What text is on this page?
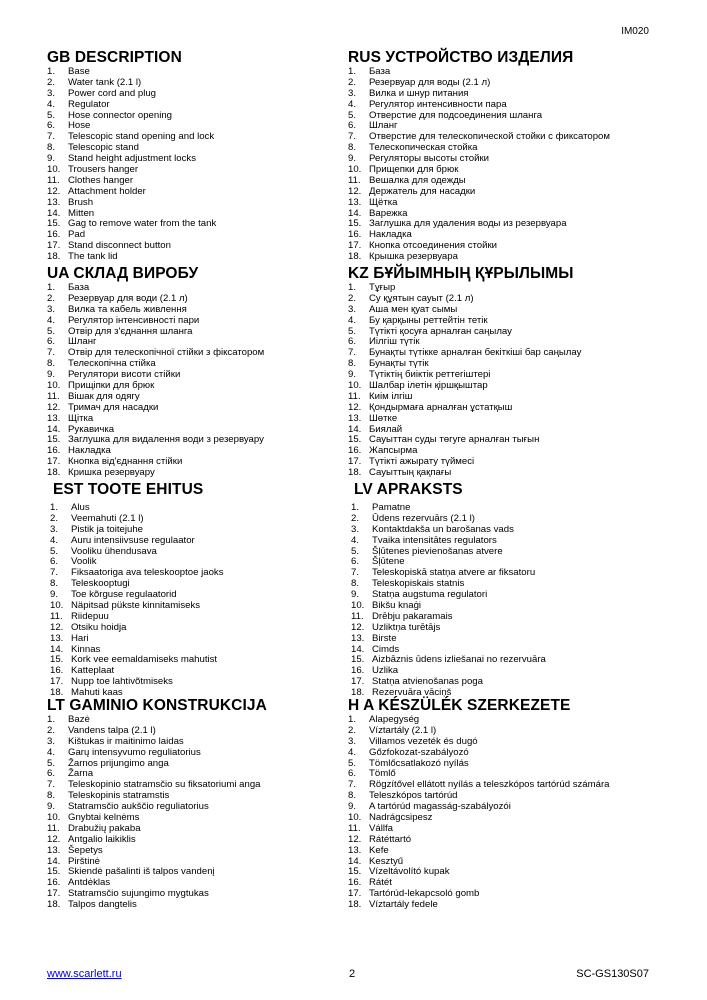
IM020
GB DESCRIPTION
1. Base
2. Water tank (2.1 l)
3. Power cord and plug
4. Regulator
5. Hose connector opening
6. Hose
7. Telescopic stand opening and lock
8. Telescopic stand
9. Stand height adjustment locks
10. Trousers hanger
11. Clothes hanger
12. Attachment holder
13. Brush
14. Mitten
15. Gag to remove water from the tank
16. Pad
17. Stand disconnect button
18. The tank lid
RUS УСТРОЙСТВО ИЗДЕЛИЯ
1. База
2. Резервуар для воды (2.1 л)
3. Вилка и шнур питания
4. Регулятор интенсивности пара
5. Отверстие для подсоединения шланга
6. Шланг
7. Отверстие для телескопической стойки с фиксатором
8. Телескопическая стойка
9. Регуляторы высоты стойки
10. Прищепки для брюк
11. Вешалка для одежды
12. Держатель для насадки
13. Щётка
14. Варежка
15. Заглушка для удаления воды из резервуара
16. Накладка
17. Кнопка отсоединения стойки
18. Крышка резервуара
UA СКЛАД ВИРОБУ
1. База
2. Резервуар для води (2.1 л)
3. Вилка та кабель живлення
4. Регулятор інтенсивності пари
5. Отвір для з'єднання шланга
6. Шланг
7. Отвір для телескопічної стійки з фіксатором
8. Телескопічна стійка
9. Регулятори висоти стійки
10. Прищіпки для брюк
11. Вішак для одягу
12. Тримач для насадки
13. Щітка
14. Рукавичка
15. Заглушка для видалення води з резервуару
16. Накладка
17. Кнопка від'єднання стійки
18. Кришка резервуару
KZ БҰЙЫМНЫҢ ҚҰРЫЛЫМЫ
1. Тұғыр
2. Су құятын сауыт (2.1 л)
3. Аша мен қуат сымы
4. Бу қарқыны реттейтін тетік
5. Түтікті қосуға арналған саңылау
6. Иілгіш түтік
7. Бунақты түтікке арналған бекіткіші бар саңылау
8. Бунақты түтік
9. Түтіктің биіктік реттегіштері
10. Шалбар ілетін қіршқыштар
11. Киім ілгіш
12. Қондырмаға арналған ұстатқыш
13. Шөтке
14. Биялай
15. Сауыттан суды төгуге арналған тығын
16. Жапсырма
17. Түтікті ажырату түймесі
18. Сауыттың қақпағы
EST TOOTE EHITUS
1. Alus
2. Veemahuti (2.1 l)
3. Pistik ja toitejuhe
4. Auru intensiivsuse regulaator
5. Vooliku ühendusava
6. Voolik
7. Fiksaatoriga ava teleskooptoe jaoks
8. Teleskooptugi
9. Toe kõrguse regulaatorid
10. Näpitsad pükste kinnitamiseks
11. Riidepuu
12. Otsiku hoidja
13. Hari
14. Kinnas
15. Kork vee eemaldamiseks mahutist
16. Katteplaat
17. Nupp toe lahtivõtmiseks
18. Mahuti kaas
LV APRAKSTS
1. Pamatne
2. Ūdens rezervuārs (2.1 l)
3. Kontaktdakša un barošanas vads
4. Tvaika intensitātes regulators
5. Šļūtenes pievienošanas atvere
6. Šļūtene
7. Teleskopiskā statņa atvere ar fiksatoru
8. Teleskopiskais statnis
9. Statņa augstuma regulatori
10. Bikšu knaģi
11. Drēbju pakaramais
12. Uzliktņa turētājs
13. Birste
14. Cimds
15. Aizbāznis ūdens izliešanai no rezervuāra
16. Uzlika
17. Statņa atvienošanas poga
18. Rezervuāra vāciņš
LT GAMINIO KONSTRUKCIJA
1. Bazė
2. Vandens talpa (2.1 l)
3. Kištukas ir maitinimo laidas
4. Garų intensyvumo reguliatorius
5. Žarnos prijungimo anga
6. Žarna
7. Teleskopinio statramsčio su fiksatoriumi anga
8. Teleskopinis statramstis
9. Statramsčio aukščio reguliatorius
10. Gnybtai kelnėms
11. Drabužių pakaba
12. Antgalio laikiklis
13. Šepetys
14. Pirštinė
15. Skiendė pašalinti iš talpos vandenį
16. Antdėklas
17. Statramsčio sujungimo mygtukas
18. Talpos dangtelis
H A KÉSZÜLÉK SZERKEZETE
1. Alapegység
2. Víztartály (2.1 l)
3. Villamos vezeték és dugó
4. Gőzfokozat-szabályozó
5. Tömlőcsatlakozó nyílás
6. Tömlő
7. Rögzítővel ellátott nyílás a teleszkópos tartórúd számára
8. Teleszkópos tartórúd
9. A tartórúd magasság-szabályozói
10. Nadrágcsipesz
11. Vállfa
12. Rátéttartó
13. Kefe
14. Kesztyű
15. Vízeltávolító kupak
16. Rátét
17. Tartórúd-lekapcsoló gomb
18. Víztartály fedele
www.scarlett.ru	2	SC-GS130S07
